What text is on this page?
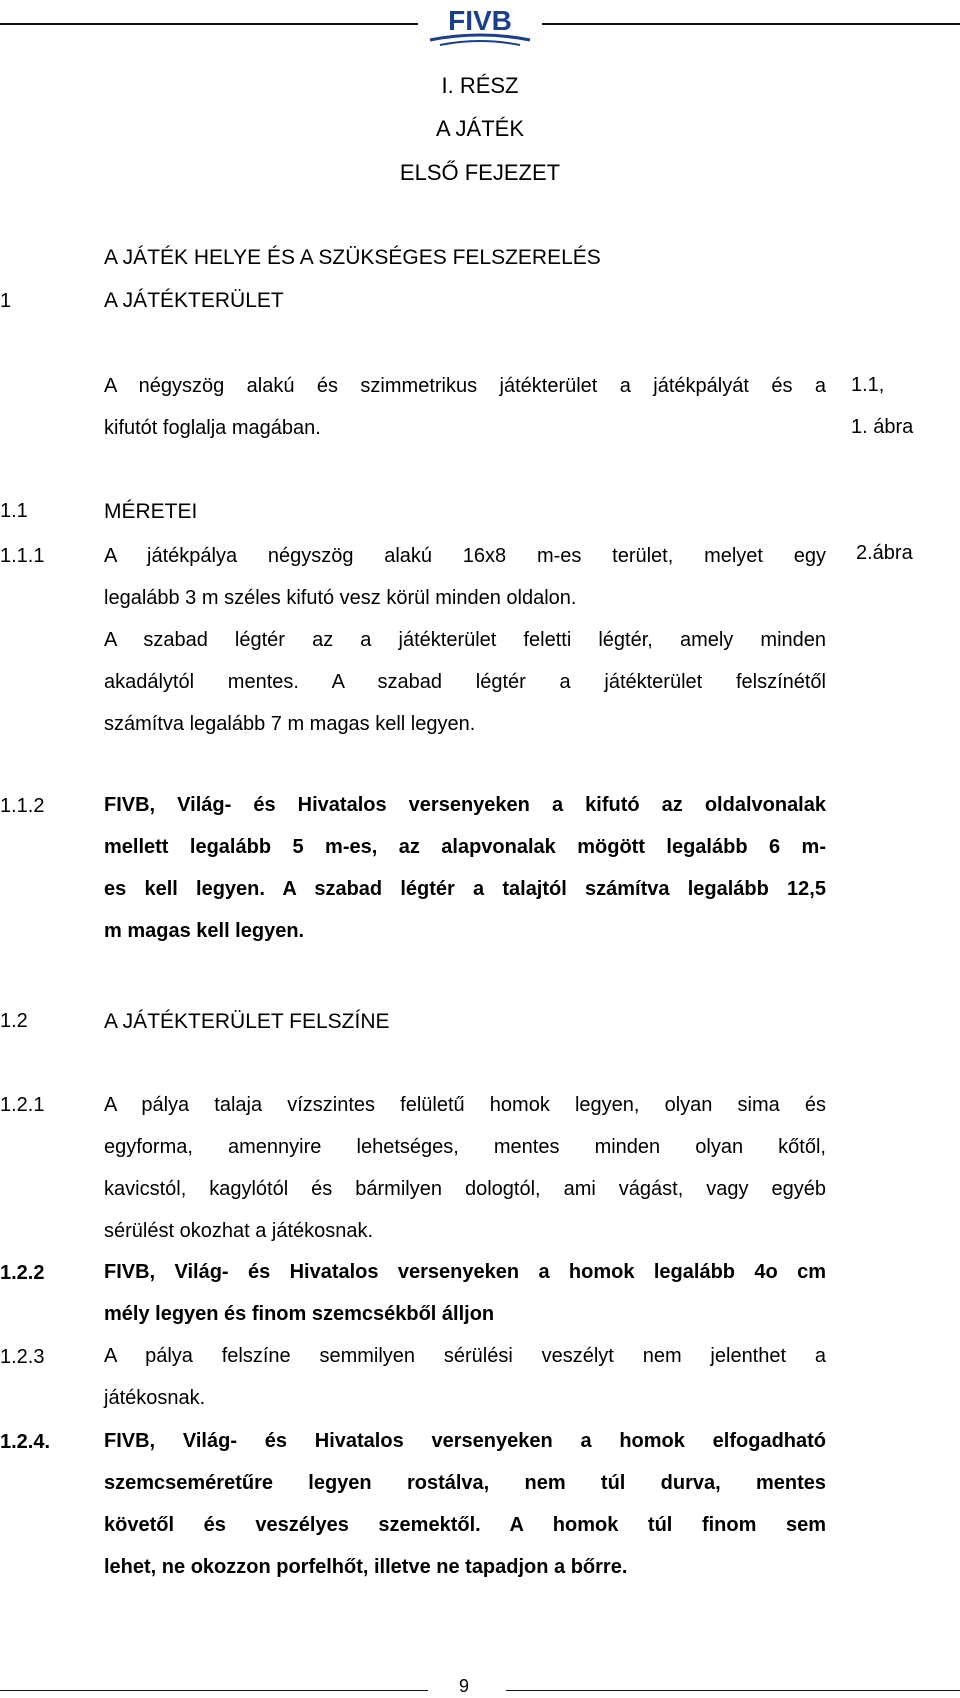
FIVB
I. RÉSZ
A JÁTÉK
ELSŐ FEJEZET
A JÁTÉK HELYE ÉS A SZÜKSÉGES FELSZERELÉS
1	A JÁTÉKTERÜLET
A négyszög alakú és szimmetrikus játékterület a játékpályát és a
kifutót foglalja magában.
1.1,
1. ábra
1.1	MÉRETEI
1.1.1	A játékpálya négyszög alakú 16x8 m-es terület, melyet egy
legalább 3 m széles kifutó vesz körül minden oldalon.
A szabad légtér az a játékterület feletti légtér, amely minden
akadálytól mentes. A szabad légtér a játékterület felszínétől
számítva legalább 7 m magas kell legyen.
2.ábra
1.1.2	FIVB, Világ- és Hivatalos versenyeken a kifutó az oldalvonalak
mellett legalább 5 m-es, az alapvonalak mögött legalább 6 m-
es kell legyen. A szabad légtér a talajtól számítva legalább 12,5
m magas kell legyen.
1.2	A JÁTÉKTERÜLET FELSZÍNE
1.2.1	A pálya talaja vízszintes felületű homok legyen, olyan sima és
egyforma, amennyire lehetséges, mentes minden olyan kőtől,
kavicstól, kagylótól és bármilyen dologtól, ami vágást, vagy egyéb
sérülést okozhat a játékosnak.
1.2.2	FIVB, Világ- és Hivatalos versenyeken a homok legalább 4o cm
mély legyen és finom szemcsékből álljon
1.2.3	A pálya felszíne semmilyen sérülési veszélyt nem jelenthet a
játékosnak.
1.2.4.	FIVB, Világ- és Hivatalos versenyeken a homok elfogadható
szemcseméretűre legyen rostálva, nem túl durva, mentes
követől és veszélyes szemektől. A homok túl finom sem
lehet, ne okozzon porfelhőt, illetve ne tapadjon a bőrre.
9
